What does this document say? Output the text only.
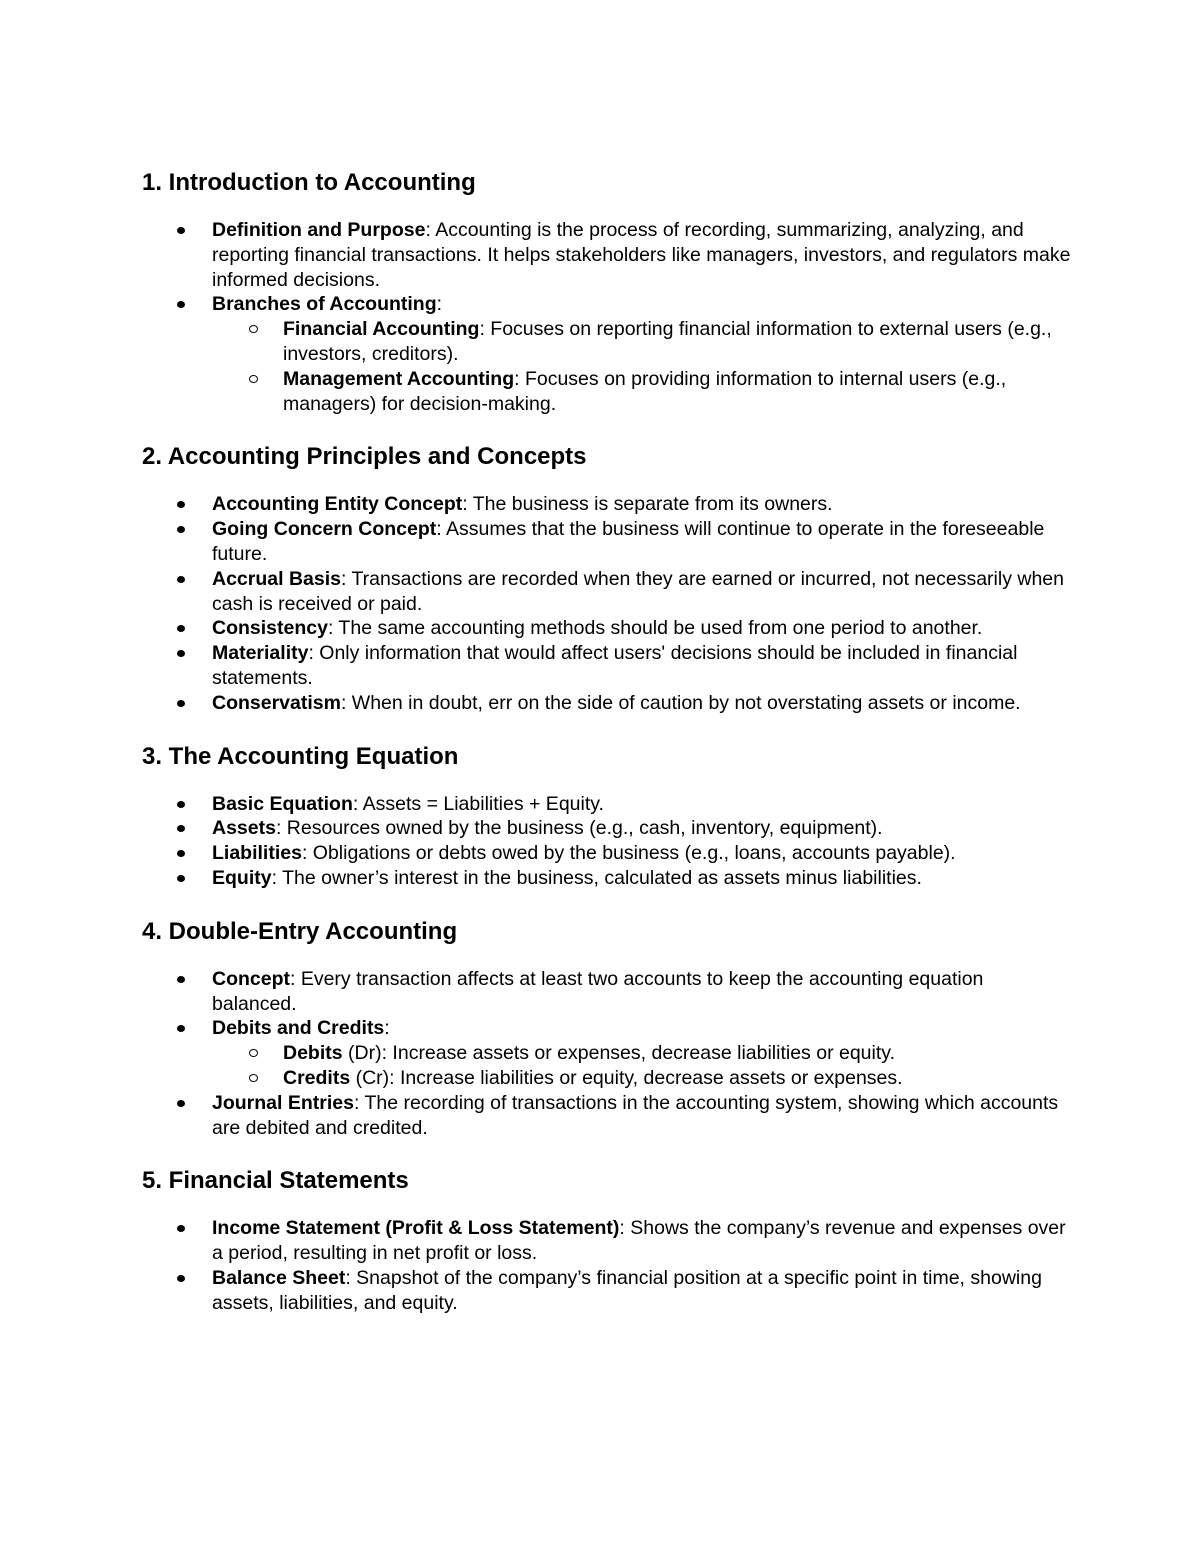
1. Introduction to Accounting
Definition and Purpose: Accounting is the process of recording, summarizing, analyzing, and reporting financial transactions. It helps stakeholders like managers, investors, and regulators make informed decisions.
Branches of Accounting:
Financial Accounting: Focuses on reporting financial information to external users (e.g., investors, creditors).
Management Accounting: Focuses on providing information to internal users (e.g., managers) for decision-making.
2. Accounting Principles and Concepts
Accounting Entity Concept: The business is separate from its owners.
Going Concern Concept: Assumes that the business will continue to operate in the foreseeable future.
Accrual Basis: Transactions are recorded when they are earned or incurred, not necessarily when cash is received or paid.
Consistency: The same accounting methods should be used from one period to another.
Materiality: Only information that would affect users' decisions should be included in financial statements.
Conservatism: When in doubt, err on the side of caution by not overstating assets or income.
3. The Accounting Equation
Basic Equation: Assets = Liabilities + Equity.
Assets: Resources owned by the business (e.g., cash, inventory, equipment).
Liabilities: Obligations or debts owed by the business (e.g., loans, accounts payable).
Equity: The owner’s interest in the business, calculated as assets minus liabilities.
4. Double-Entry Accounting
Concept: Every transaction affects at least two accounts to keep the accounting equation balanced.
Debits and Credits:
Debits (Dr): Increase assets or expenses, decrease liabilities or equity.
Credits (Cr): Increase liabilities or equity, decrease assets or expenses.
Journal Entries: The recording of transactions in the accounting system, showing which accounts are debited and credited.
5. Financial Statements
Income Statement (Profit & Loss Statement): Shows the company’s revenue and expenses over a period, resulting in net profit or loss.
Balance Sheet: Snapshot of the company’s financial position at a specific point in time, showing assets, liabilities, and equity.
